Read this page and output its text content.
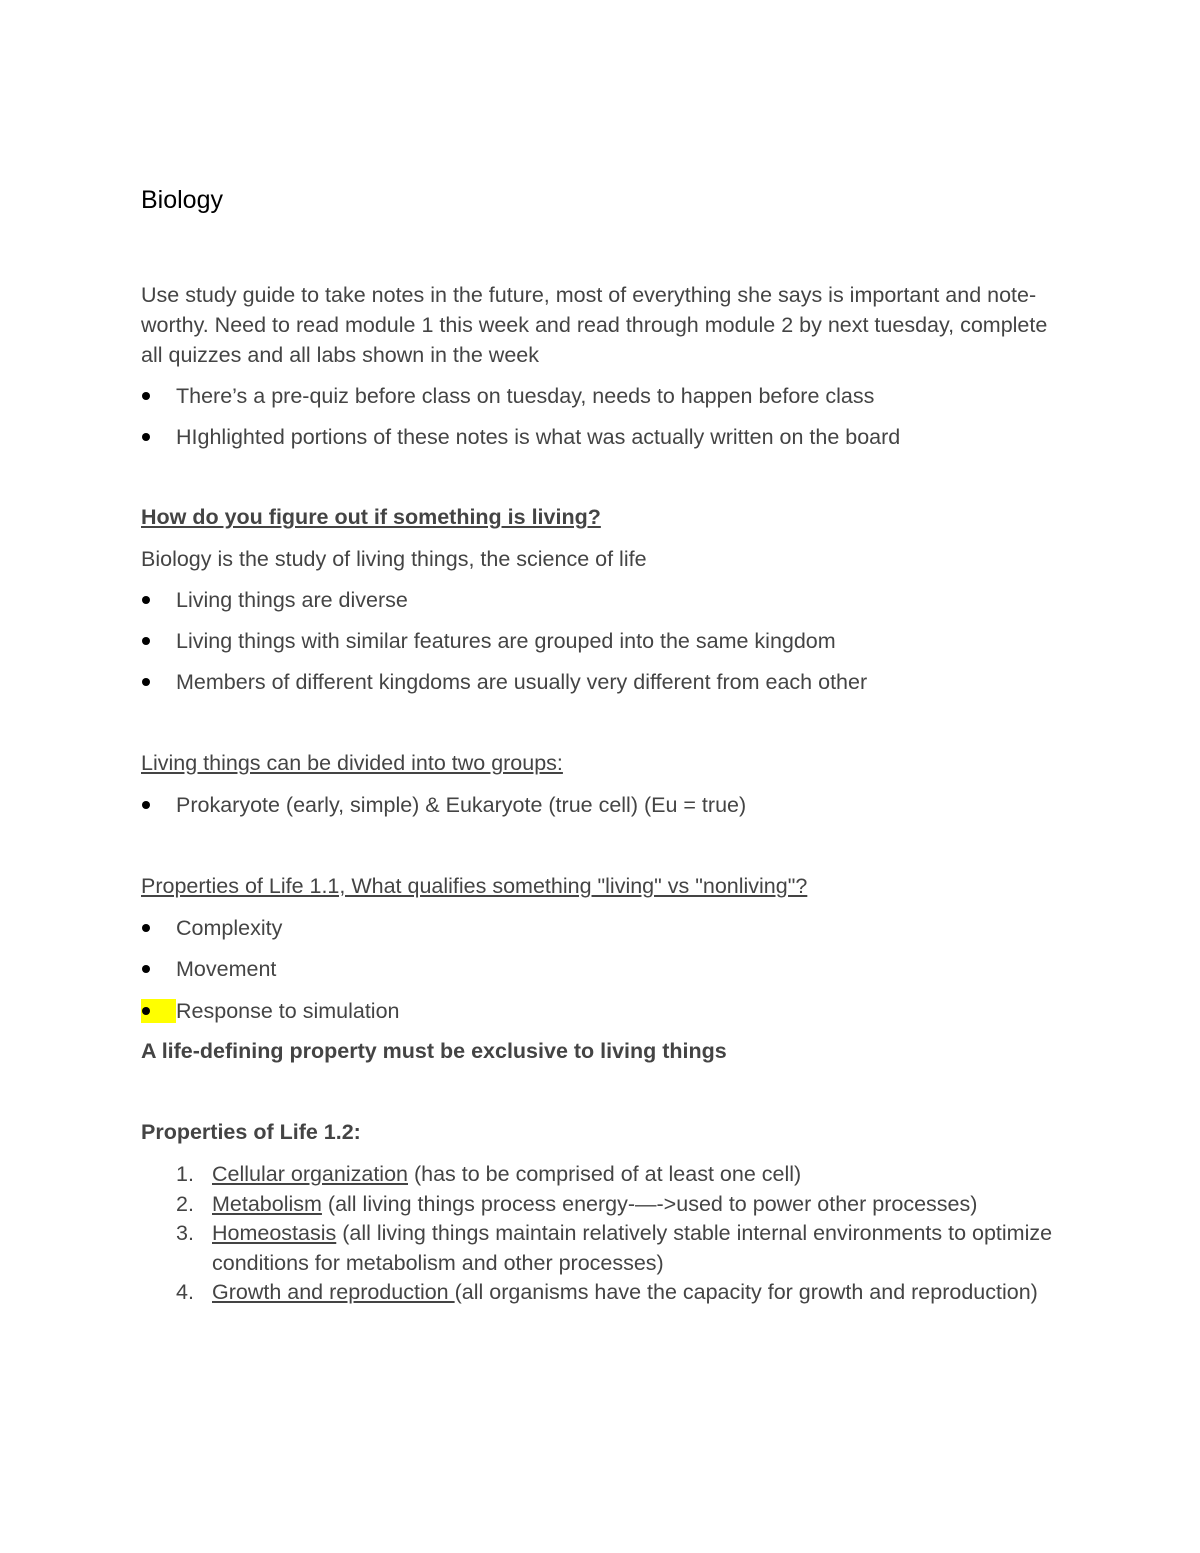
Biology

Use study guide to take notes in the future, most of everything she says is important and note-worthy. Need to read module 1 this week and read through module 2 by next tuesday, complete all quizzes and all labs shown in the week

There’s a pre-quiz before class on tuesday, needs to happen before class
HIghlighted portions of these notes is what was actually written on the board

How do you figure out if something is living?

Biology is the study of living things, the science of life

Living things are diverse
Living things with similar features are grouped into the same kingdom
Members of different kingdoms are usually very different from each other

Living things can be divided into two groups:

Prokaryote (early, simple) & Eukaryote (true cell) (Eu = true)

Properties of Life 1.1, What qualifies something "living" vs "nonliving"?

Complexity
Movement
Response to simulation

A life-defining property must be exclusive to living things

Properties of Life 1.2:

1. Cellular organization (has to be comprised of at least one cell)
2. Metabolism (all living things process energy-—->used to power other processes)
3. Homeostasis (all living things maintain relatively stable internal environments to optimize conditions for metabolism and other processes)
4. Growth and reproduction (all organisms have the capacity for growth and reproduction)
